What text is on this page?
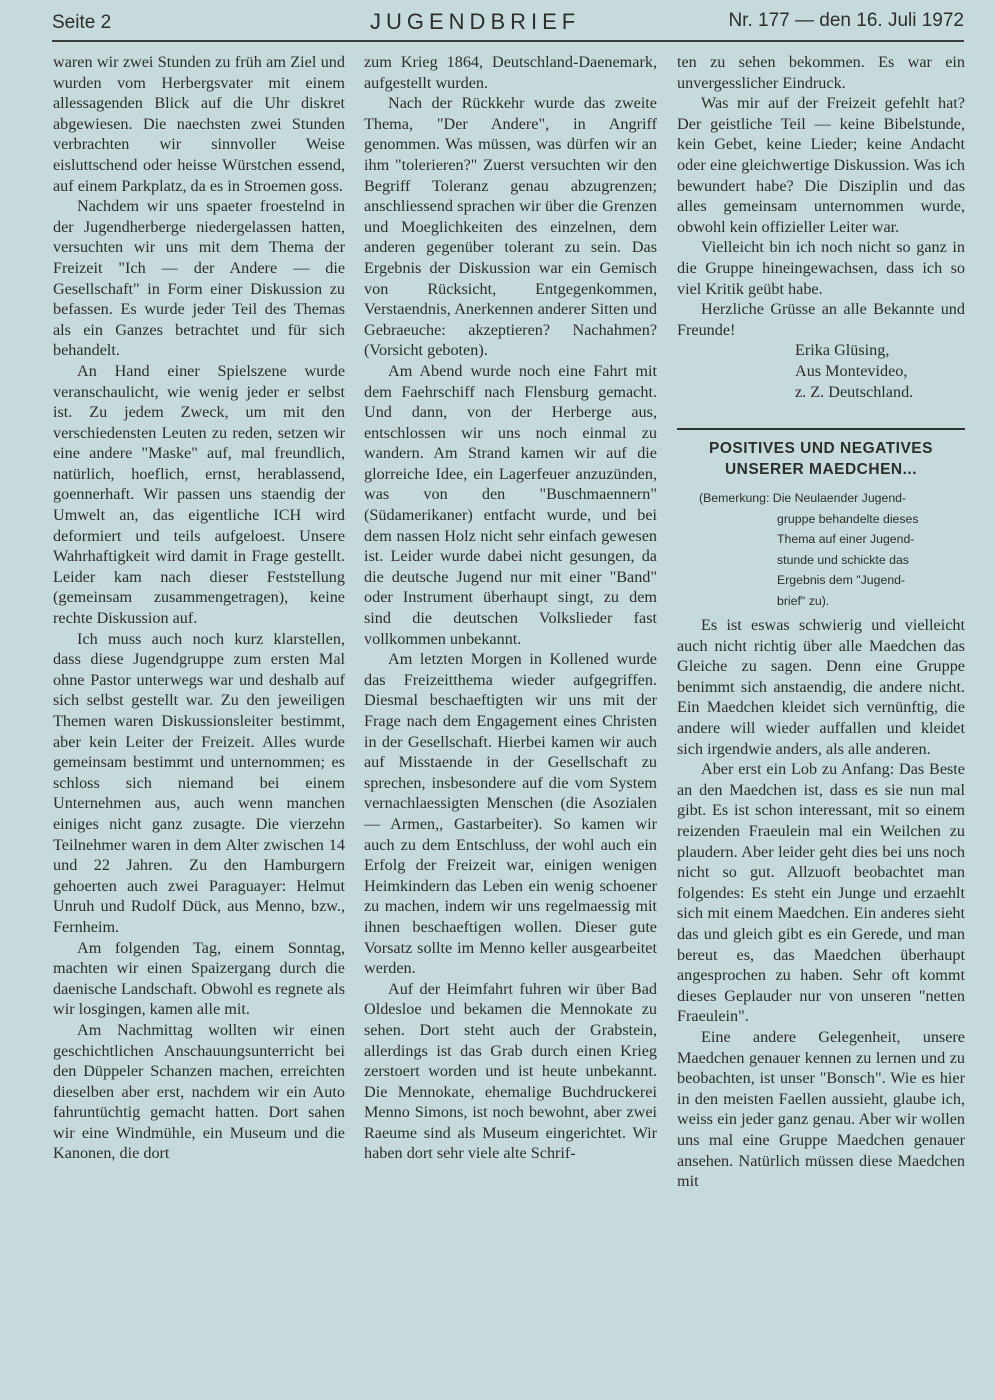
Seite 2	JUGENDBRIEF	Nr. 177 — den 16. Juli 1972

waren wir zwei Stunden zu früh am Ziel und wurden vom Herbergsvater mit einem allessagenden Blick auf die Uhr diskret abgewiesen. Die naechsten zwei Stunden verbrachten wir sinnvoller Weise eisluttschend oder heisse Würstchen essend, auf einem Parkplatz, da es in Stroemen goss.

Nachdem wir uns spaeter froestelnd in der Jugendherberge niedergelassen hatten, versuchten wir uns mit dem Thema der Freizeit "Ich — der Andere — die Gesellschaft" in Form einer Diskussion zu befassen. Es wurde jeder Teil des Themas als ein Ganzes betrachtet und für sich behandelt.

An Hand einer Spielszene wurde veranschaulicht, wie wenig jeder er selbst ist. Zu jedem Zweck, um mit den verschiedensten Leuten zu reden, setzen wir eine andere "Maske" auf, mal freundlich, natürlich, hoeflich, ernst, herablassend, goennerhaft. Wir passen uns staendig der Umwelt an, das eigentliche ICH wird deformiert und teils aufgeloest. Unsere Wahrhaftigkeit wird damit in Frage gestellt. Leider kam nach dieser Feststellung (gemeinsam zusammengetragen), keine rechte Diskussion auf.

Ich muss auch noch kurz klarstellen, dass diese Jugendgruppe zum ersten Mal ohne Pastor unterwegs war und deshalb auf sich selbst gestellt war. Zu den jeweiligen Themen waren Diskussionsleiter bestimmt, aber kein Leiter der Freizeit. Alles wurde gemeinsam bestimmt und unternommen; es schloss sich niemand bei einem Unternehmen aus, auch wenn manchen einiges nicht ganz zusagte. Die vierzehn Teilnehmer waren in dem Alter zwischen 14 und 22 Jahren. Zu den Hamburgern gehoerten auch zwei Paraguayer: Helmut Unruh und Rudolf Dück, aus Menno, bzw., Fernheim.

Am folgenden Tag, einem Sonntag, machten wir einen Spaizergang durch die daenische Landschaft. Obwohl es regnete als wir losgingen, kamen alle mit.

Am Nachmittag wollten wir einen geschichtlichen Anschauungsunterricht bei den Düppeler Schanzen machen, erreichten dieselben aber erst, nachdem wir ein Auto fahruntüchtig gemacht hatten. Dort sahen wir eine Windmühle, ein Museum und die Kanonen, die dort

zum Krieg 1864, Deutschland-Daenemark, aufgestellt wurden.

Nach der Rückkehr wurde das zweite Thema, "Der Andere", in Angriff genommen. Was müssen, was dürfen wir an ihm "tolerieren?" Zuerst versuchten wir den Begriff Toleranz genau abzugrenzen; anschliessend sprachen wir über die Grenzen und Moeglichkeiten des einzelnen, dem anderen gegenüber tolerant zu sein. Das Ergebnis der Diskussion war ein Gemisch von Rücksicht, Entgegenkommen, Verstaendnis, Anerkennen anderer Sitten und Gebraeuche: akzeptieren? Nachahmen? (Vorsicht geboten).

Am Abend wurde noch eine Fahrt mit dem Faehrschiff nach Flensburg gemacht. Und dann, von der Herberge aus, entschlossen wir uns noch einmal zu wandern. Am Strand kamen wir auf die glorreiche Idee, ein Lagerfeuer anzuzünden, was von den "Buschmaennern" (Südamerikaner) entfacht wurde, und bei dem nassen Holz nicht sehr einfach gewesen ist. Leider wurde dabei nicht gesungen, da die deutsche Jugend nur mit einer "Band" oder Instrument überhaupt singt, zu dem sind die deutschen Volkslieder fast vollkommen unbekannt.

Am letzten Morgen in Kollened wurde das Freizeitthema wieder aufgegriffen. Diesmal beschaeftigten wir uns mit der Frage nach dem Engagement eines Christen in der Gesellschaft. Hierbei kamen wir auch auf Misstaende in der Gesellschaft zu sprechen, insbesondere auf die vom System vernachlaessigten Menschen (die Asozialen — Armen,, Gastarbeiter). So kamen wir auch zu dem Entschluss, der wohl auch ein Erfolg der Freizeit war, einigen wenigen Heimkindern das Leben ein wenig schoener zu machen, indem wir uns regelmaessig mit ihnen beschaeftigen wollen. Dieser gute Vorsatz sollte im Menno keller ausgearbeitet werden.

Auf der Heimfahrt fuhren wir über Bad Oldesloe und bekamen die Mennokate zu sehen. Dort steht auch der Grabstein, allerdings ist das Grab durch einen Krieg zerstoert worden und ist heute unbekannt. Die Mennokate, ehemalige Buchdruckerei Menno Simons, ist noch bewohnt, aber zwei Raeume sind als Museum eingerichtet. Wir haben dort sehr viele alte Schrif-

ten zu sehen bekommen. Es war ein unvergesslicher Eindruck.

Was mir auf der Freizeit gefehlt hat? Der geistliche Teil — keine Bibelstunde, kein Gebet, keine Lieder; keine Andacht oder eine gleichwertige Diskussion. Was ich bewundert habe? Die Disziplin und das alles gemeinsam unternommen wurde, obwohl kein offizieller Leiter war.

Vielleicht bin ich noch nicht so ganz in die Gruppe hineingewachsen, dass ich so viel Kritik geübt habe.

Herzliche Grüsse an alle Bekannte und Freunde!

Erika Glüsing,
Aus Montevideo,
z. Z. Deutschland.
POSITIVES UND NEGATIVES
UNSERER MAEDCHEN...
(Bemerkung: Die Neulaender Jugend-
gruppe behandelte dieses
Thema auf einer Jugend-
stunde und schickte das
Ergebnis dem "Jugend-
brief" zu).

Es ist eswas schwierig und vielleicht auch nicht richtig über alle Maedchen das Gleiche zu sagen. Denn eine Gruppe benimmt sich anstaendig, die andere nicht. Ein Maedchen kleidet sich vernünftig, die andere will wieder auffallen und kleidet sich irgendwie anders, als alle anderen.

Aber erst ein Lob zu Anfang: Das Beste an den Maedchen ist, dass es sie nun mal gibt. Es ist schon interessant, mit so einem reizenden Fraeulein mal ein Weilchen zu plaudern. Aber leider geht dies bei uns noch nicht so gut. Allzuoft beobachtet man folgendes: Es steht ein Junge und erzaehlt sich mit einem Maedchen. Ein anderes sieht das und gleich gibt es ein Gerede, und man bereut es, das Maedchen überhaupt angesprochen zu haben. Sehr oft kommt dieses Geplauder nur von unseren "netten Fraeulein".

Eine andere Gelegenheit, unsere Maedchen genauer kennen zu lernen und zu beobachten, ist unser "Bonsch". Wie es hier in den meisten Faellen aussieht, glaube ich, weiss ein jeder ganz genau. Aber wir wollen uns mal eine Gruppe Maedchen genauer ansehen. Natürlich müssen diese Maedchen mit
